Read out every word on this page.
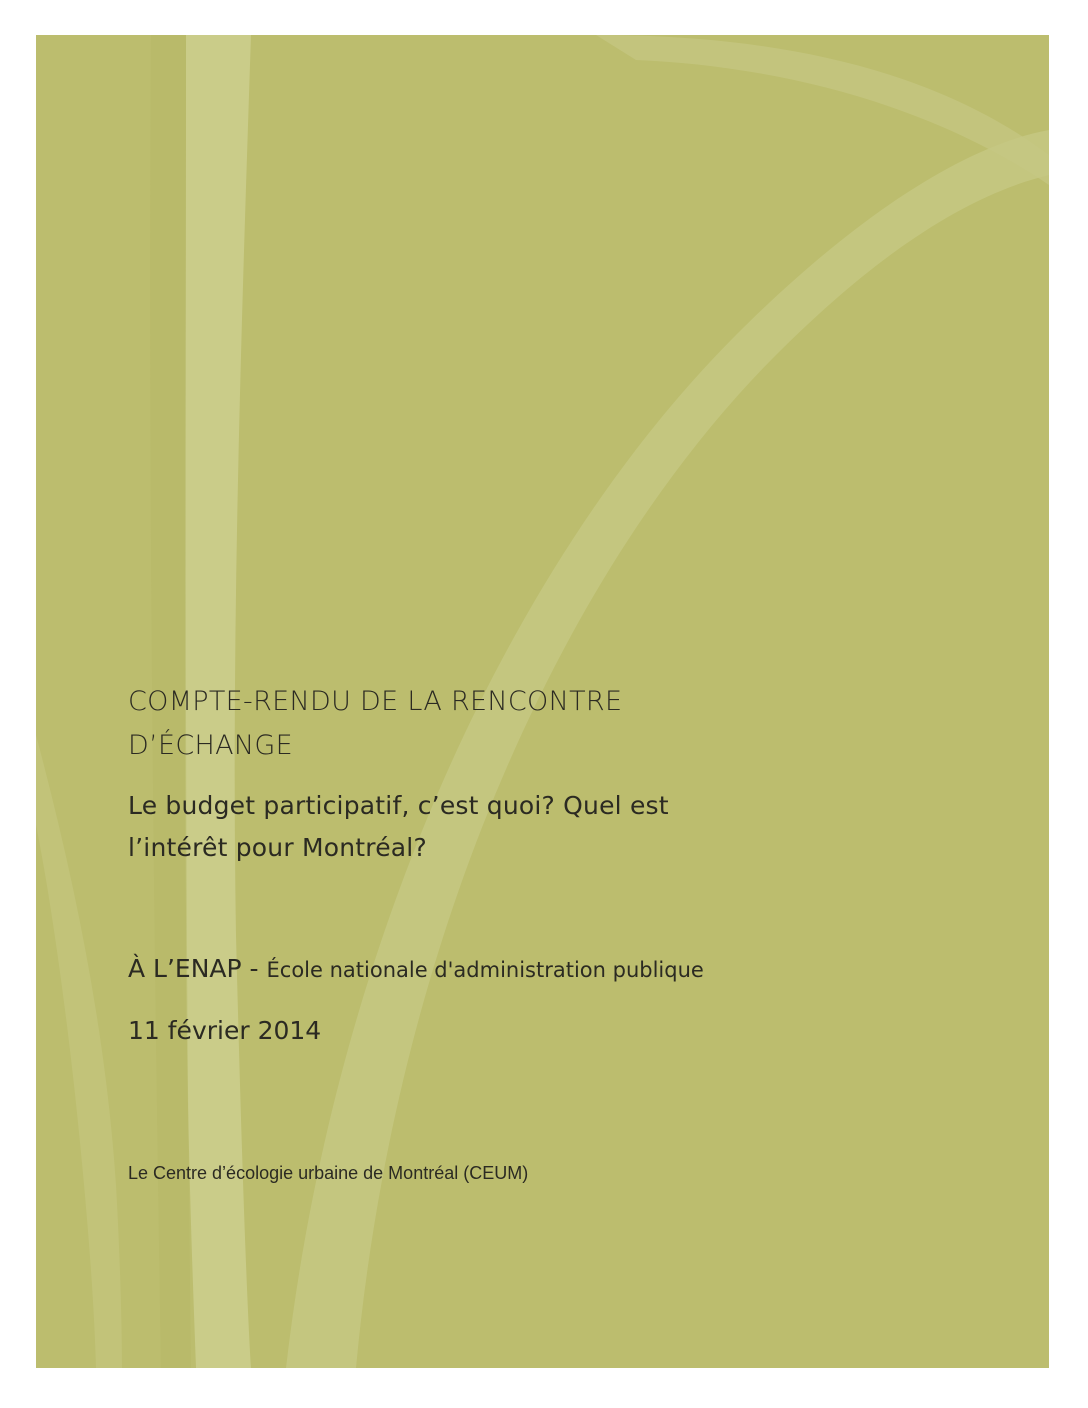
COMPTE-RENDU DE LA RENCONTRE
D’ÉCHANGE
Le budget participatif, c’est quoi? Quel est
l’intérêt pour Montréal?
À L’ENAP - École nationale d'administration publique
11 février 2014
Le Centre d’écologie urbaine de Montréal (CEUM)
